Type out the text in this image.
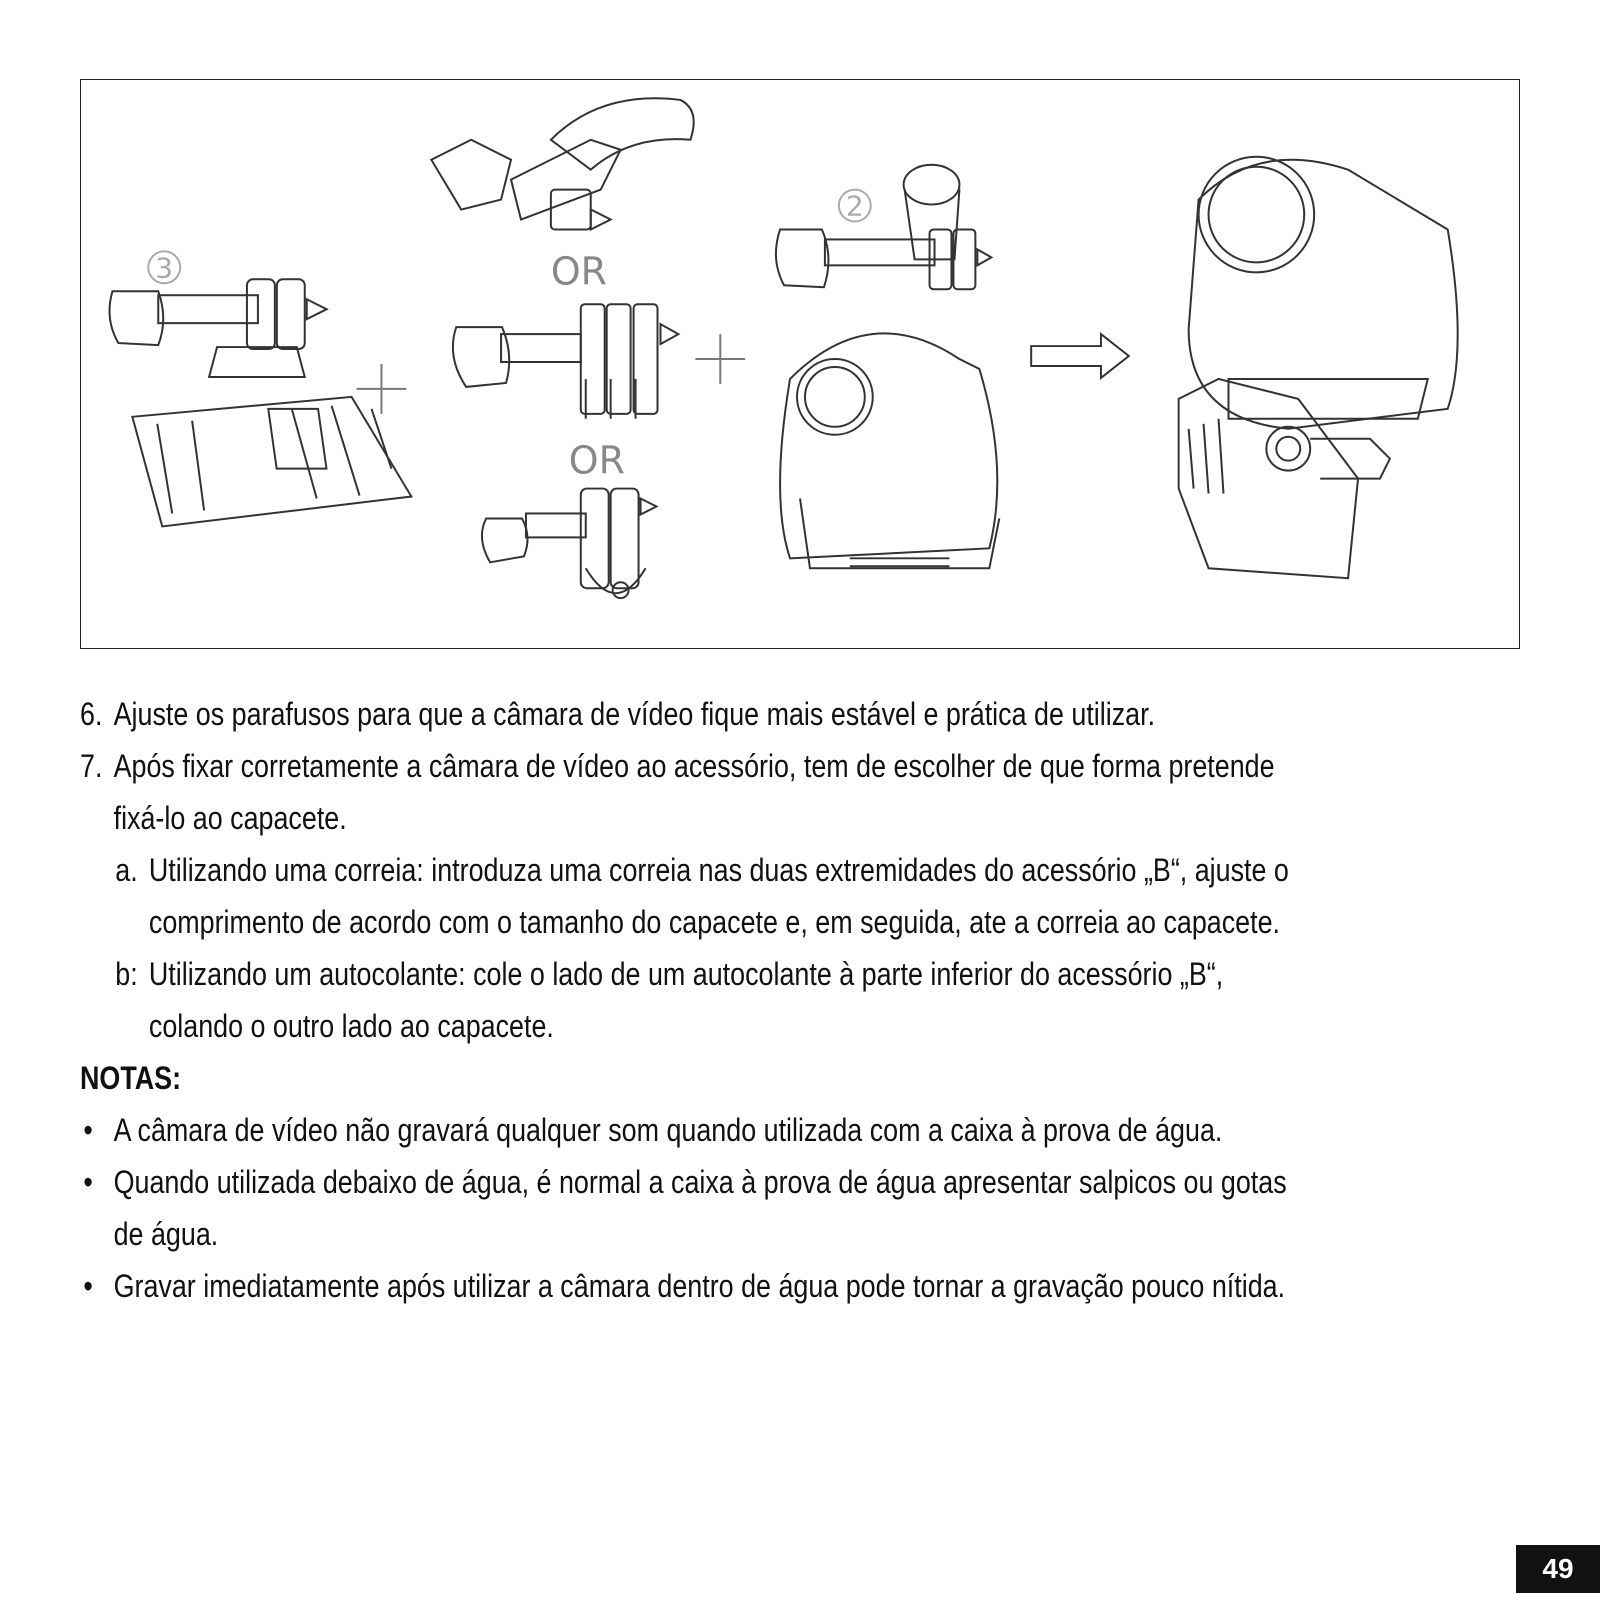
3	OR
OR
2

6. Ajuste os parafusos para que a câmara de vídeo fique mais estável e prática de utilizar.

7. Após fixar corretamente a câmara de vídeo ao acessório, tem de escolher de que forma pretende fixá-lo ao capacete.

a. Utilizando uma correia: introduza uma correia nas duas extremidades do acessório „B“, ajuste o comprimento de acordo com o tamanho do capacete e, em seguida, ate a correia ao capacete.

b: Utilizando um autocolante: cole o lado de um autocolante à parte inferior do acessório „B“, colando o outro lado ao capacete.

NOTAS:

• A câmara de vídeo não gravará qualquer som quando utilizada com a caixa à prova de água.

• Quando utilizada debaixo de água, é normal a caixa à prova de água apresentar salpicos ou gotas de água.

• Gravar imediatamente após utilizar a câmara dentro de água pode tornar a gravação pouco nítida.

49
